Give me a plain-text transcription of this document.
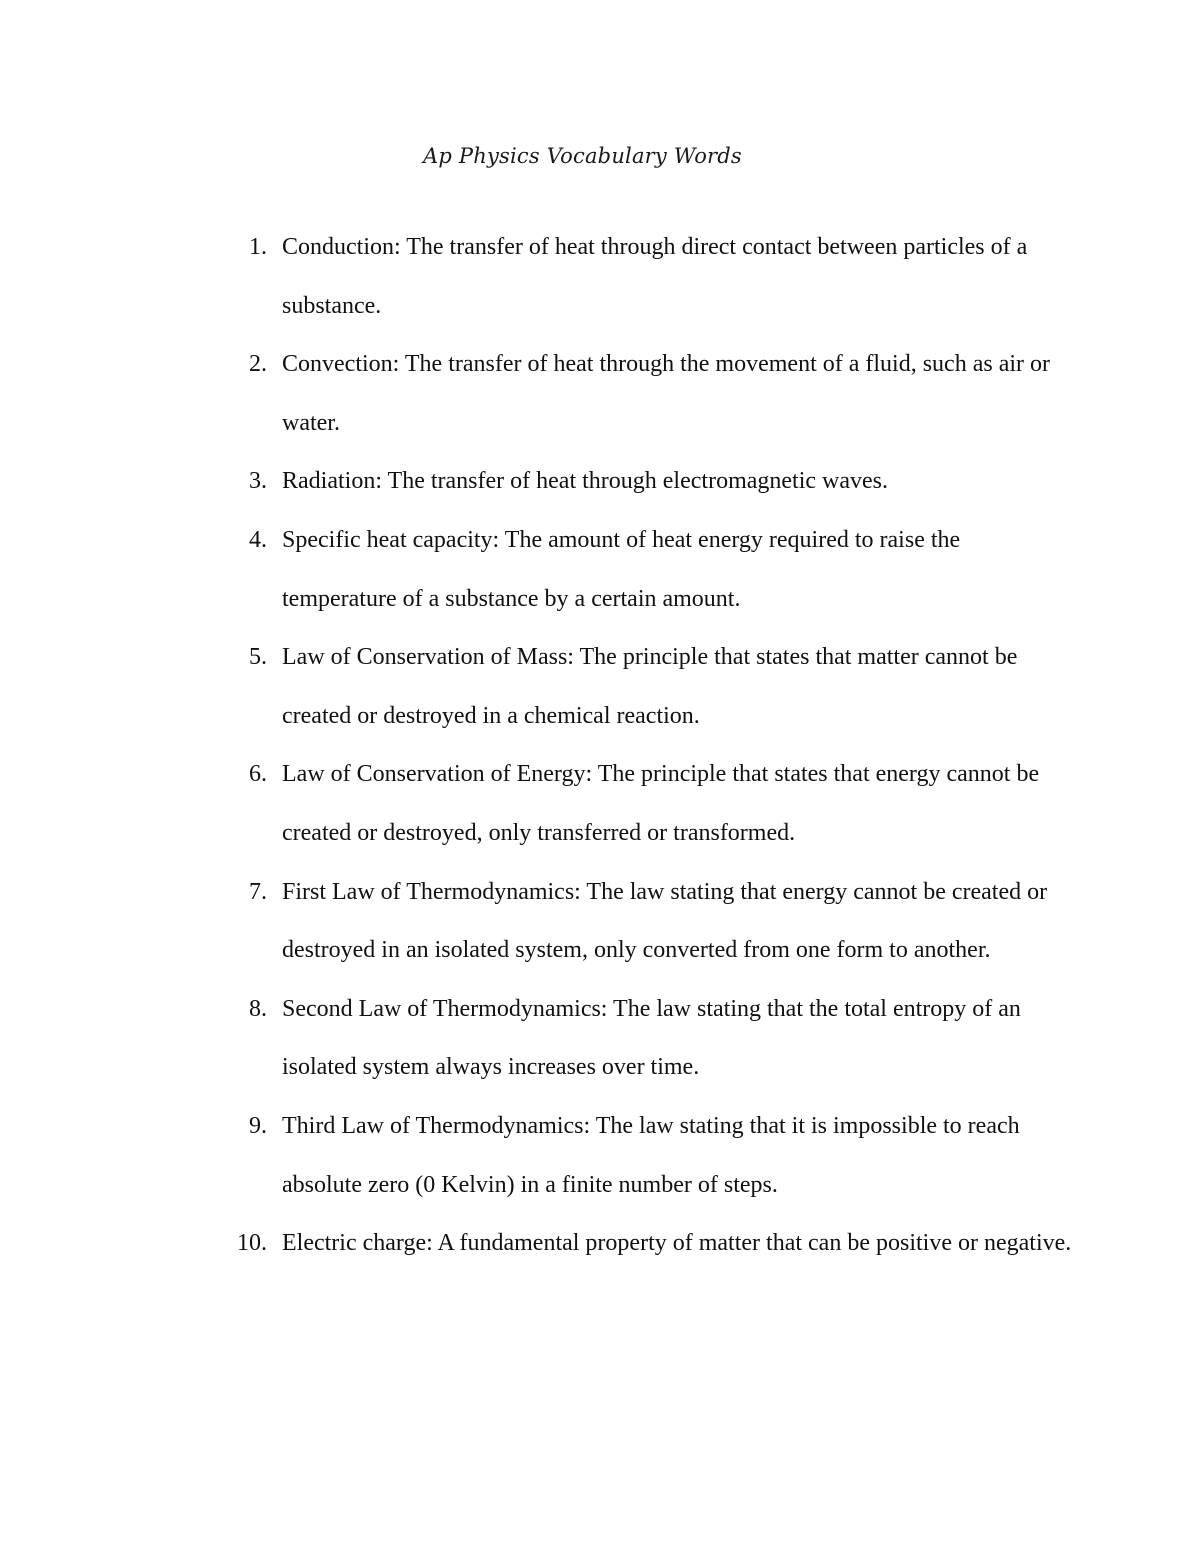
Ap Physics Vocabulary Words
1. Conduction: The transfer of heat through direct contact between particles of a substance.
2. Convection: The transfer of heat through the movement of a fluid, such as air or water.
3. Radiation: The transfer of heat through electromagnetic waves.
4. Specific heat capacity: The amount of heat energy required to raise the temperature of a substance by a certain amount.
5. Law of Conservation of Mass: The principle that states that matter cannot be created or destroyed in a chemical reaction.
6. Law of Conservation of Energy: The principle that states that energy cannot be created or destroyed, only transferred or transformed.
7. First Law of Thermodynamics: The law stating that energy cannot be created or destroyed in an isolated system, only converted from one form to another.
8. Second Law of Thermodynamics: The law stating that the total entropy of an isolated system always increases over time.
9. Third Law of Thermodynamics: The law stating that it is impossible to reach absolute zero (0 Kelvin) in a finite number of steps.
10. Electric charge: A fundamental property of matter that can be positive or negative.
